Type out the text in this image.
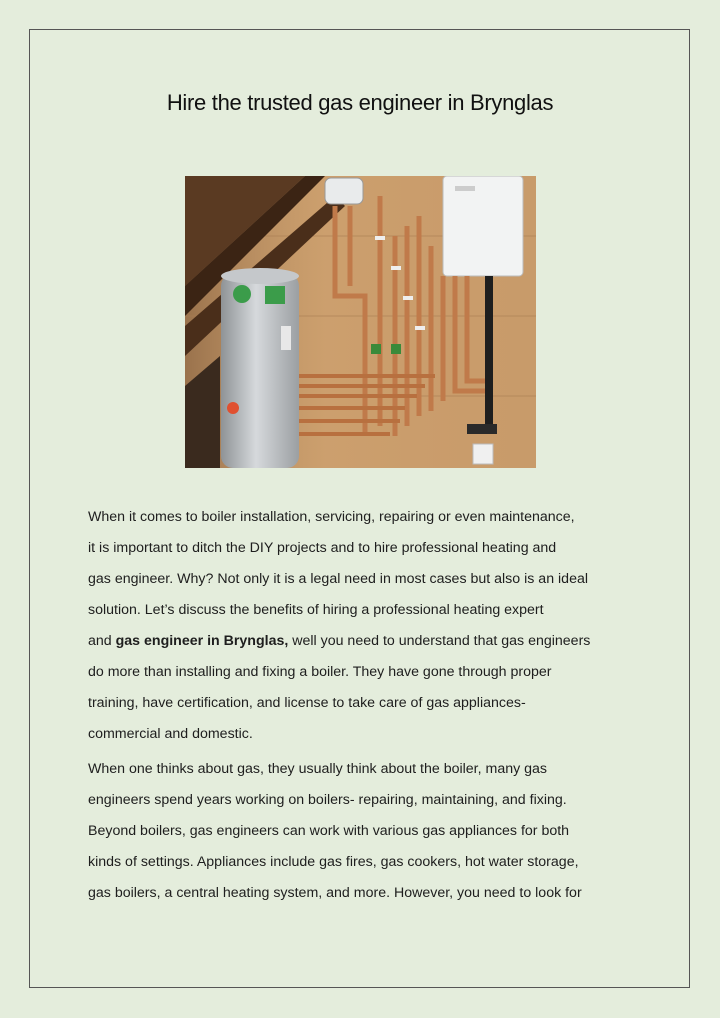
Hire the trusted gas engineer in Brynglas

When it comes to boiler installation, servicing, repairing or even maintenance,
it is important to ditch the DIY projects and to hire professional heating and
gas engineer. Why? Not only it is a legal need in most cases but also is an ideal
solution. Let’s discuss the benefits of hiring a professional heating expert
and gas engineer in Brynglas, well you need to understand that gas engineers
do more than installing and fixing a boiler. They have gone through proper
training, have certification, and license to take care of gas appliances-
commercial and domestic.

When one thinks about gas, they usually think about the boiler, many gas
engineers spend years working on boilers- repairing, maintaining, and fixing.
Beyond boilers, gas engineers can work with various gas appliances for both
kinds of settings. Appliances include gas fires, gas cookers, hot water storage,
gas boilers, a central heating system, and more. However, you need to look for
